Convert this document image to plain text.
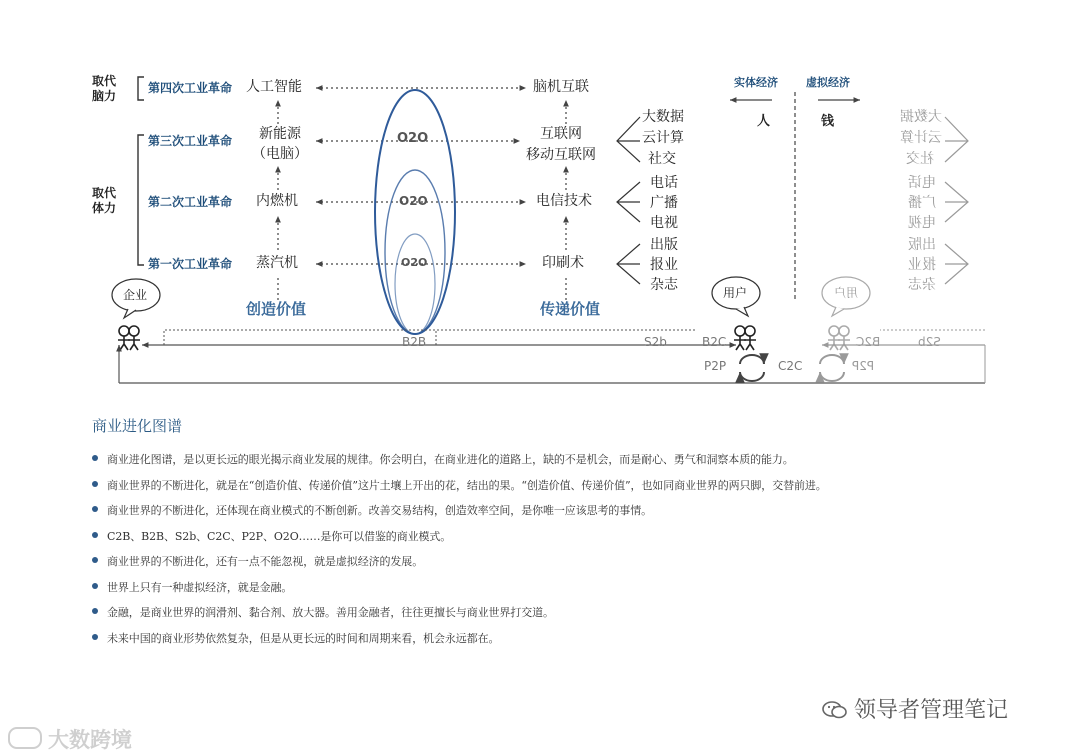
取代
脑力
取代
体力
第四次工业革命
第三次工业革命
第二次工业革命
第一次工业革命
人工智能
新能源
（电脑）
内燃机
蒸汽机
脑机互联
互联网
移动互联网
电信技术
印刷术
O2O
O2O
O2O
大数据
云计算
社交
电话
广播
电视
出版
报业
杂志
大数据
云计算
社交
电话
广播
电视
出版
报业
杂志
实体经济	虚拟经济
人	钱
创造价值	传递价值
企业	用户	用户
B2B	S2b	B2C
P2P	C2C
B2C	S2b
P2P
商业进化图谱
商业进化图谱，是以更长远的眼光揭示商业发展的规律。你会明白，在商业进化的道路上，缺的不是机会，而是耐心、勇气和洞察本质的能力。
商业世界的不断进化，就是在“创造价值、传递价值”这片土壤上开出的花，结出的果。“创造价值、传递价值”，也如同商业世界的两只脚，交替前进。
商业世界的不断进化，还体现在商业模式的不断创新。改善交易结构，创造效率空间，是你唯一应该思考的事情。
C2B、B2B、S2b、C2C、P2P、O2O……是你可以借鉴的商业模式。
商业世界的不断进化，还有一点不能忽视，就是虚拟经济的发展。
世界上只有一种虚拟经济，就是金融。
金融，是商业世界的润滑剂、黏合剂、放大器。善用金融者，往往更擅长与商业世界打交道。
未来中国的商业形势依然复杂，但是从更长远的时间和周期来看，机会永远都在。
领导者管理笔记
大数跨境
